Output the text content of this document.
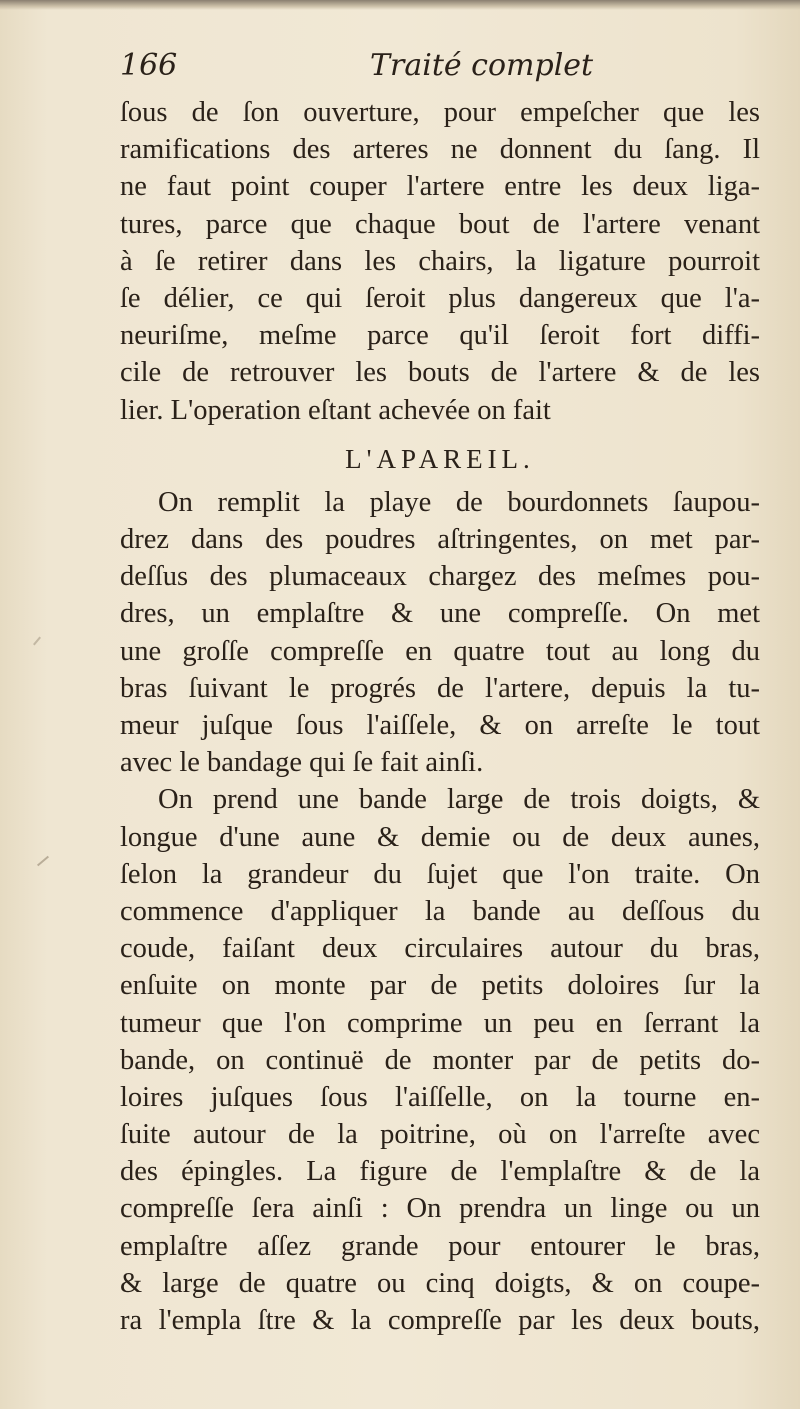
166	Traité complet
ſous de ſon ouverture, pour empeſcher que les
ramifications des arteres ne donnent du ſang. Il
ne faut point couper l'artere entre les deux liga-
tures, parce que chaque bout de l'artere venant
à ſe retirer dans les chairs, la ligature pourroit
ſe délier, ce qui ſeroit plus dangereux que l'a-
neuriſme, meſme parce qu'il ſeroit fort diffi-
cile de retrouver les bouts de l'artere & de les
lier. L'operation eſtant achevée on fait
L'APAREIL.
On remplit la playe de bourdonnets ſaupou-
drez dans des poudres aſtringentes, on met par-
deſſus des plumaceaux chargez des meſmes pou-
dres, un emplaſtre & une compreſſe. On met
une groſſe compreſſe en quatre tout au long du
bras ſuivant le progrés de l'artere, depuis la tu-
meur juſque ſous l'aiſſele, & on arreſte le tout
avec le bandage qui ſe fait ainſi.
On prend une bande large de trois doigts, &
longue d'une aune & demie ou de deux aunes,
ſelon la grandeur du ſujet que l'on traite. On
commence d'appliquer la bande au deſſous du
coude, faiſant deux circulaires autour du bras,
enſuite on monte par de petits doloires ſur la
tumeur que l'on comprime un peu en ſerrant la
bande, on continuë de monter par de petits do-
loires juſques ſous l'aiſſelle, on la tourne en-
ſuite autour de la poitrine, où on l'arreſte avec
des épingles. La figure de l'emplaſtre & de la
compreſſe ſera ainſi : On prendra un linge ou un
emplaſtre aſſez grande pour entourer le bras,
& large de quatre ou cinq doigts, & on coupe-
ra l'empla ſtre & la compreſſe par les deux bouts,
